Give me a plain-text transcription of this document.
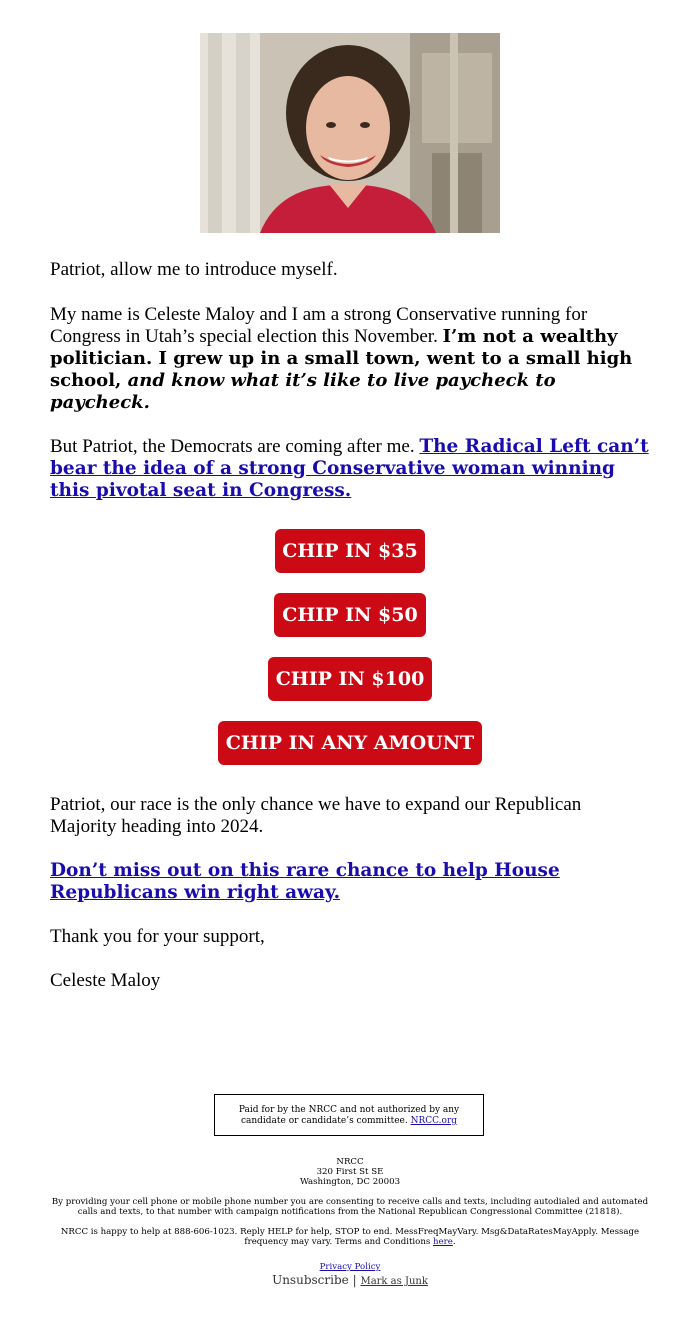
Patriot, allow me to introduce myself.
My name is Celeste Maloy and I am a strong Conservative running for Congress in Utah’s special election this November. I’m not a wealthy politician. I grew up in a small town, went to a small high school, and know what it’s like to live paycheck to paycheck.
But Patriot, the Democrats are coming after me. The Radical Left can’t bear the idea of a strong Conservative woman winning this pivotal seat in Congress.
CHIP IN $35
CHIP IN $50
CHIP IN $100
CHIP IN ANY AMOUNT
Patriot, our race is the only chance we have to expand our Republican Majority heading into 2024.
Don’t miss out on this rare chance to help House Republicans win right away.
Thank you for your support,
Celeste Maloy
Paid for by the NRCC and not authorized by any candidate or candidate’s committee. NRCC.org
NRCC
320 First St SE
Washington, DC 20003
By providing your cell phone or mobile phone number you are consenting to receive calls and texts, including autodialed and automated calls and texts, to that number with campaign notifications from the National Republican Congressional Committee (21818).
NRCC is happy to help at 888-606-1023. Reply HELP for help, STOP to end. MessFreqMayVary. Msg&DataRatesMayApply. Message frequency may vary. Terms and Conditions here.
Privacy Policy
Unsubscribe | Mark as Junk
